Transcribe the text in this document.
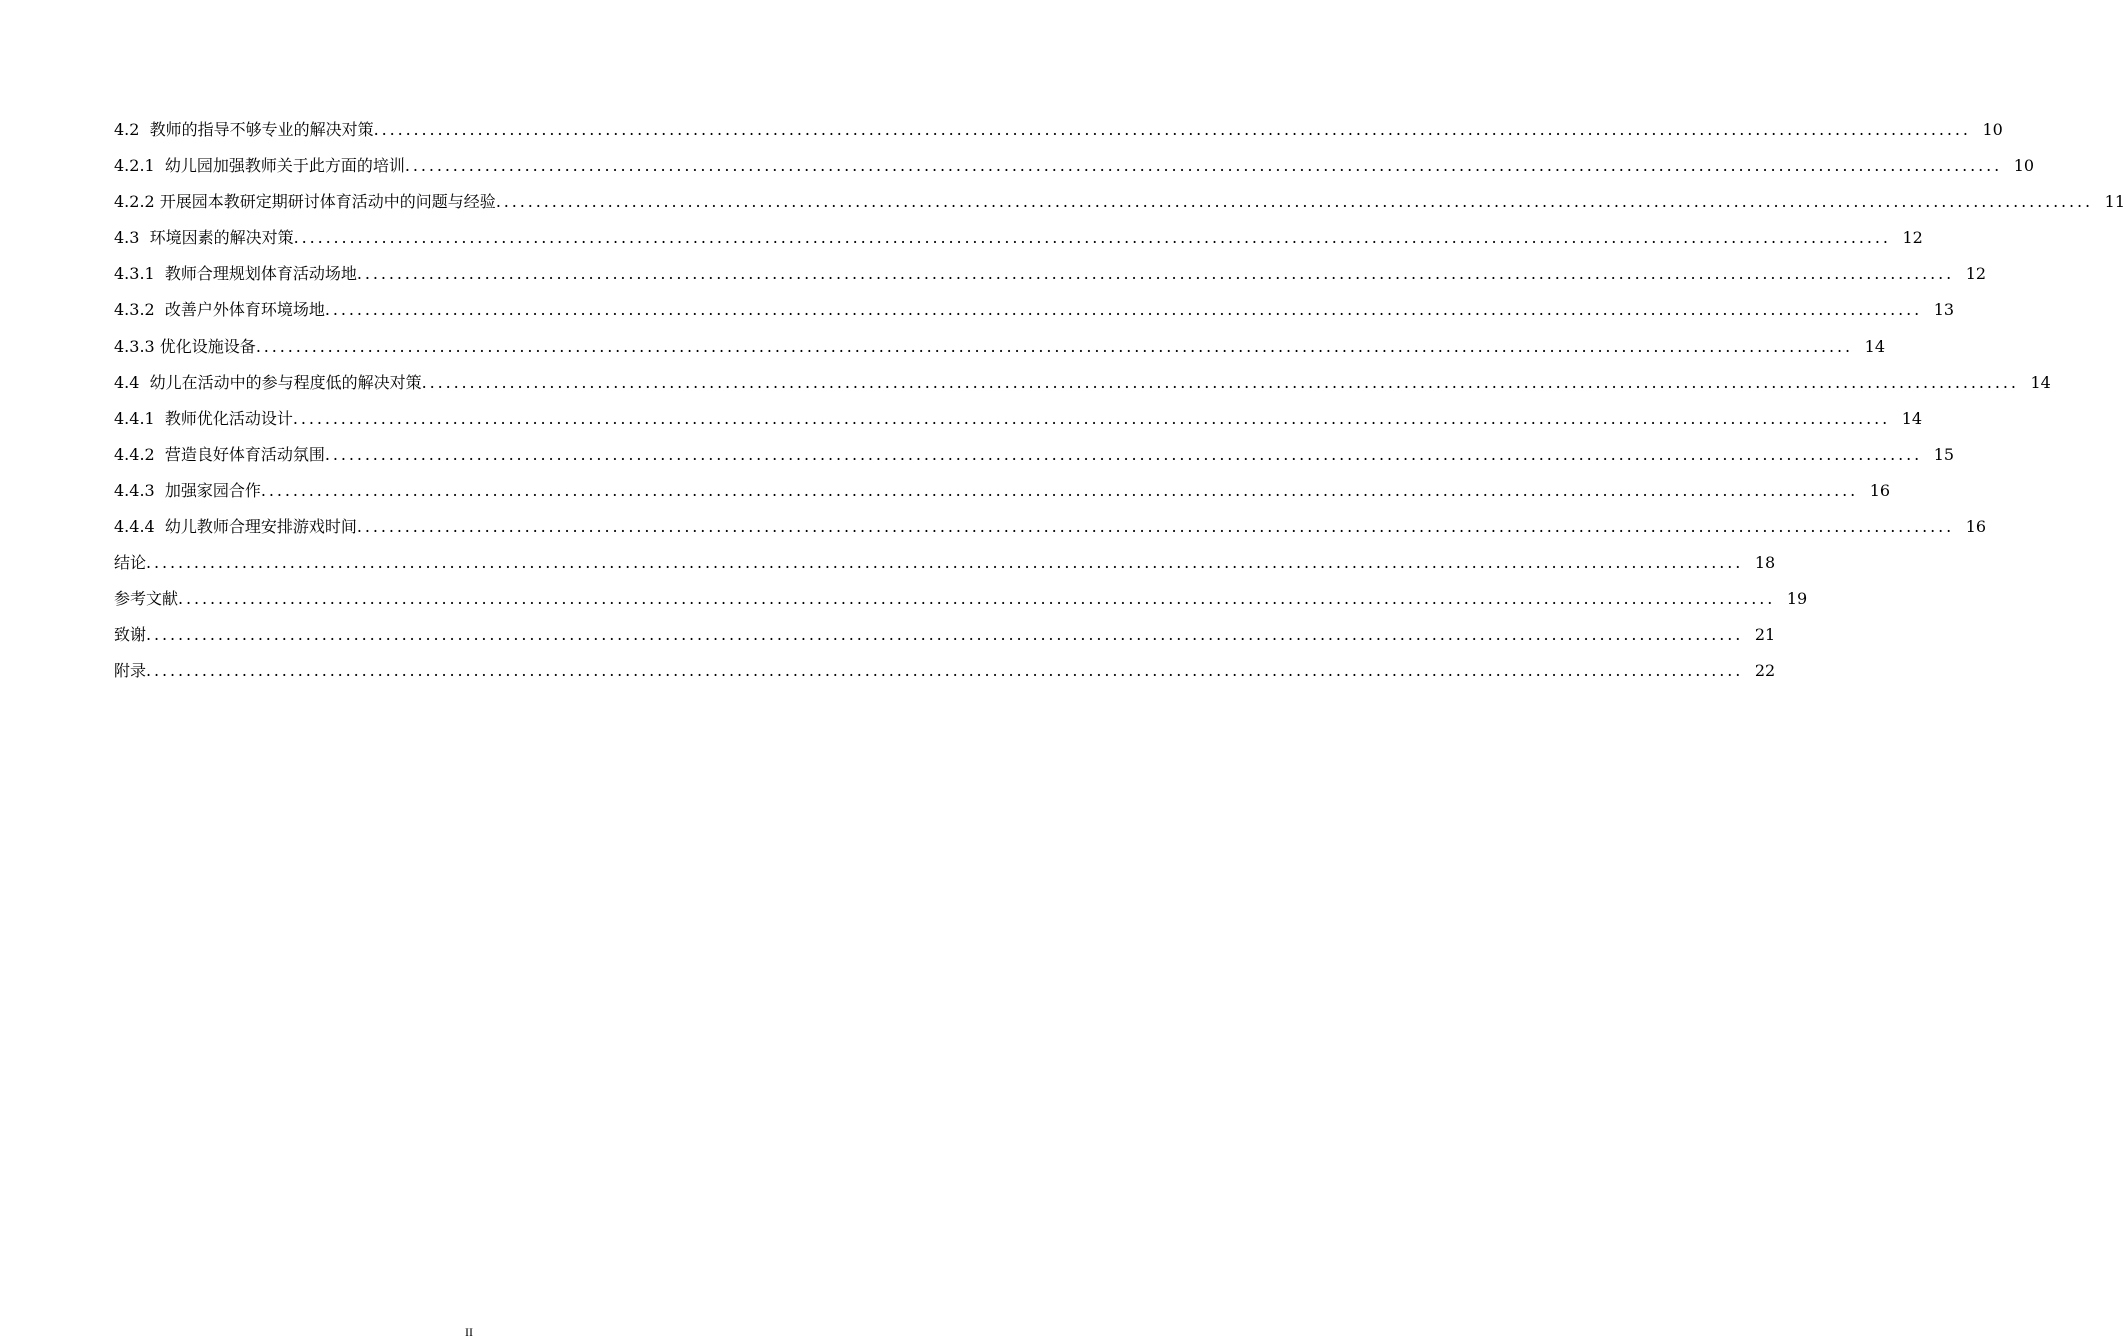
4.2  教师的指导不够专业的解决对策 ........................................................................................................................................................................................................ 10
4.2.1  幼儿园加强教师关于此方面的培训 ........................................................................................................................................................................................................ 10
4.2.2 开展园本教研定期研讨体育活动中的问题与经验 ........................................................................................................................................................................................................ 11
4.3  环境因素的解决对策 ........................................................................................................................................................................................................ 12
4.3.1  教师合理规划体育活动场地 ........................................................................................................................................................................................................ 12
4.3.2  改善户外体育环境场地 ........................................................................................................................................................................................................ 13
4.3.3 优化设施设备 ........................................................................................................................................................................................................ 14
4.4  幼儿在活动中的参与程度低的解决对策 ........................................................................................................................................................................................................ 14
4.4.1  教师优化活动设计 ........................................................................................................................................................................................................ 14
4.4.2  营造良好体育活动氛围 ........................................................................................................................................................................................................ 15
4.4.3  加强家园合作 ........................................................................................................................................................................................................ 16
4.4.4  幼儿教师合理安排游戏时间 ........................................................................................................................................................................................................ 16
结论 ........................................................................................................................................................................................................ 18
参考文献 ........................................................................................................................................................................................................ 19
致谢 ........................................................................................................................................................................................................ 21
附录 ........................................................................................................................................................................................................ 22
II
